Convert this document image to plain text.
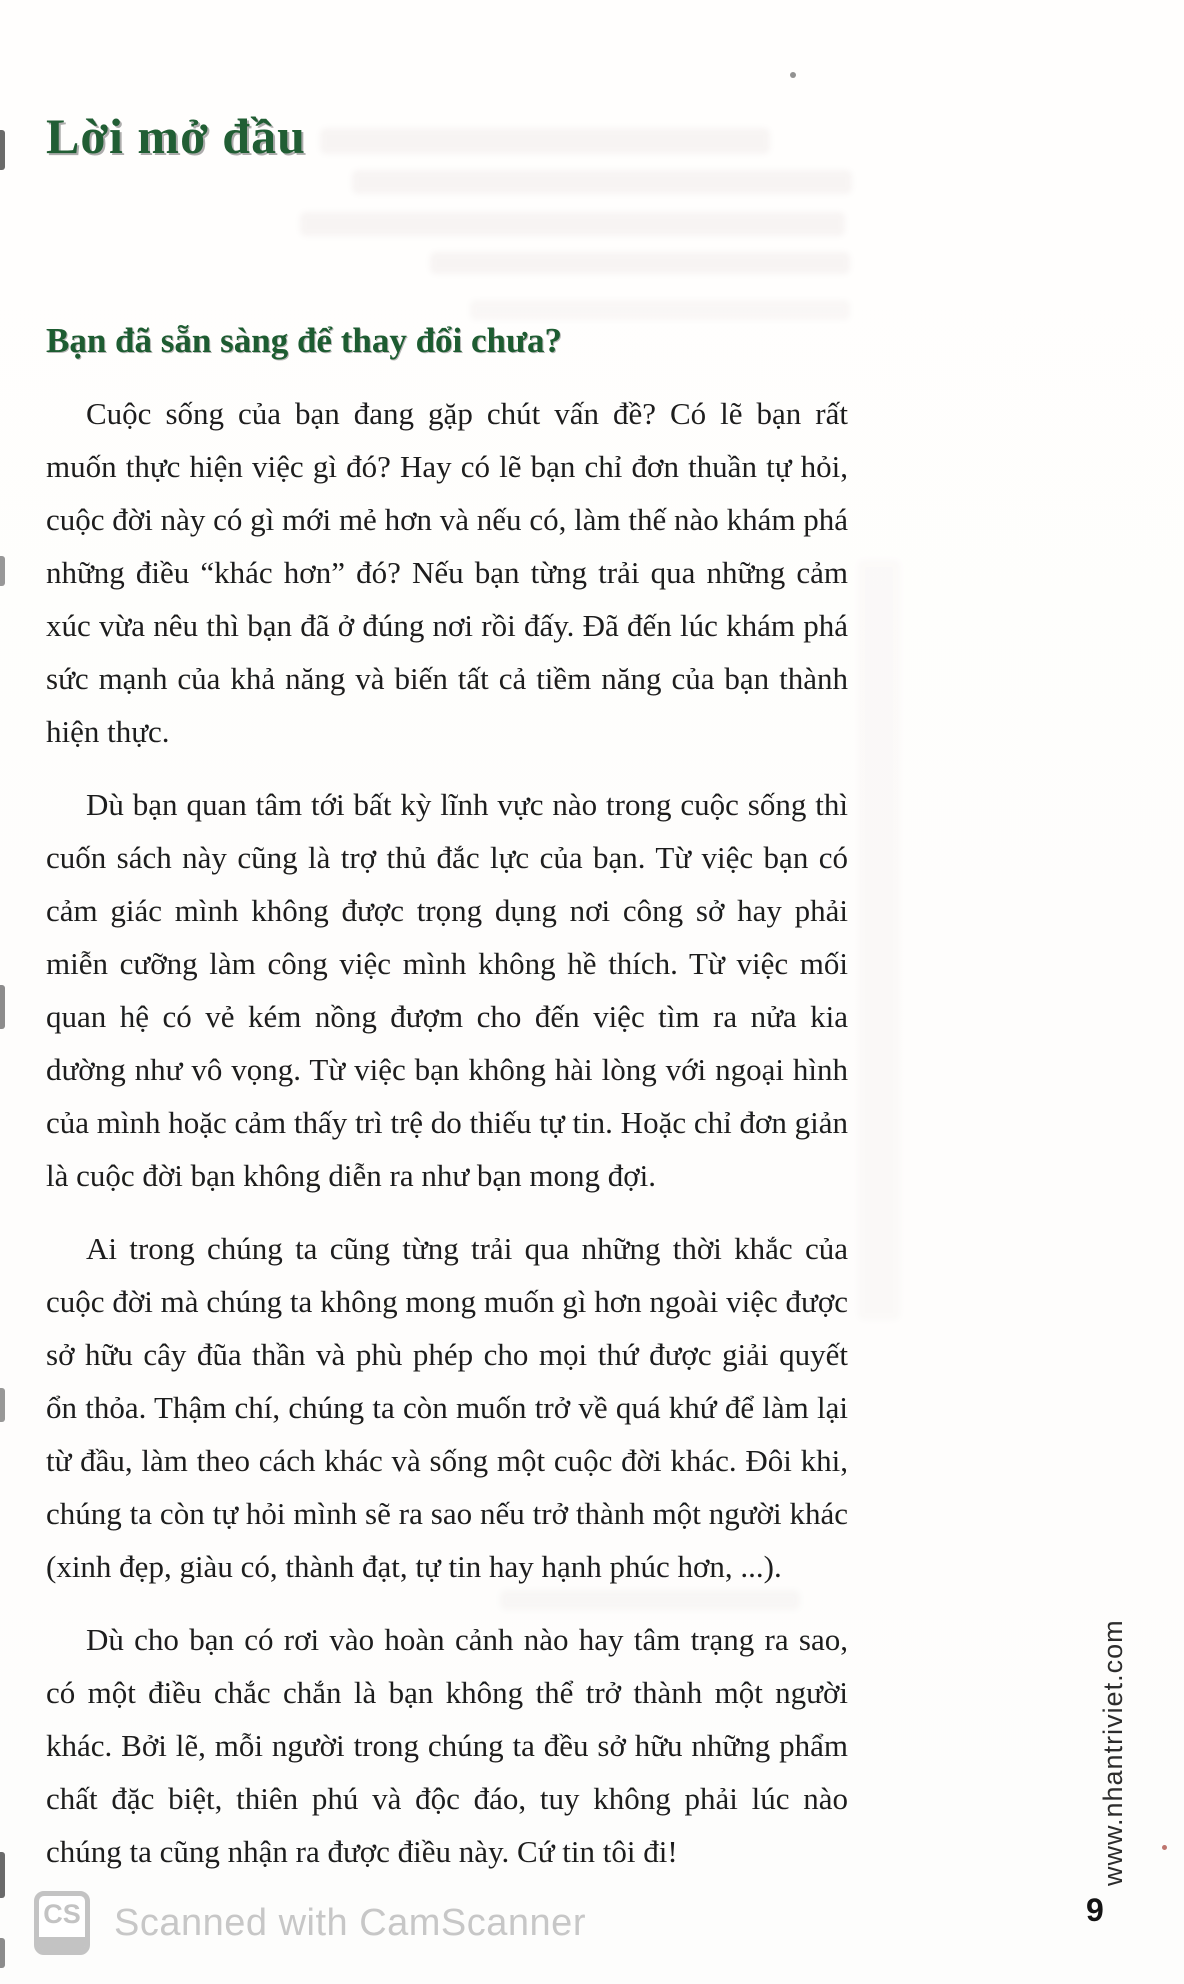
Lời mở đầu
Bạn đã sẵn sàng để thay đổi chưa?

Cuộc sống của bạn đang gặp chút vấn đề? Có lẽ bạn rất muốn thực hiện việc gì đó? Hay có lẽ bạn chỉ đơn thuần tự hỏi, cuộc đời này có gì mới mẻ hơn và nếu có, làm thế nào khám phá những điều “khác hơn” đó? Nếu bạn từng trải qua những cảm xúc vừa nêu thì bạn đã ở đúng nơi rồi đấy. Đã đến lúc khám phá sức mạnh của khả năng và biến tất cả tiềm năng của bạn thành hiện thực.

Dù bạn quan tâm tới bất kỳ lĩnh vực nào trong cuộc sống thì cuốn sách này cũng là trợ thủ đắc lực của bạn. Từ việc bạn có cảm giác mình không được trọng dụng nơi công sở hay phải miễn cưỡng làm công việc mình không hề thích. Từ việc mối quan hệ có vẻ kém nồng đượm cho đến việc tìm ra nửa kia dường như vô vọng. Từ việc bạn không hài lòng với ngoại hình của mình hoặc cảm thấy trì trệ do thiếu tự tin. Hoặc chỉ đơn giản là cuộc đời bạn không diễn ra như bạn mong đợi.

Ai trong chúng ta cũng từng trải qua những thời khắc của cuộc đời mà chúng ta không mong muốn gì hơn ngoài việc được sở hữu cây đũa thần và phù phép cho mọi thứ được giải quyết ổn thỏa. Thậm chí, chúng ta còn muốn trở về quá khứ để làm lại từ đầu, làm theo cách khác và sống một cuộc đời khác. Đôi khi, chúng ta còn tự hỏi mình sẽ ra sao nếu trở thành một người khác (xinh đẹp, giàu có, thành đạt, tự tin hay hạnh phúc hơn, ...).

Dù cho bạn có rơi vào hoàn cảnh nào hay tâm trạng ra sao, có một điều chắc chắn là bạn không thể trở thành một người khác. Bởi lẽ, mỗi người trong chúng ta đều sở hữu những phẩm chất đặc biệt, thiên phú và độc đáo, tuy không phải lúc nào chúng ta cũng nhận ra được điều này. Cứ tin tôi đi!	www.nhantriviet.com
9
CS Scanned with CamScanner
